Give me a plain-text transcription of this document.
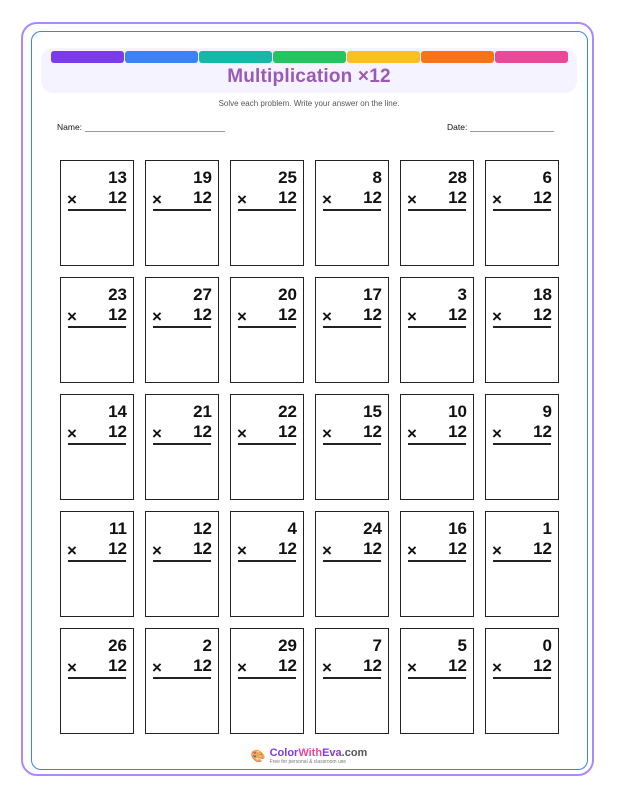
Multiplication ×12
Solve each problem. Write your answer on the line.
Name:	Date:
13
× 12
19
× 12
25
× 12
8
× 12
28
× 12
6
× 12
23
× 12
27
× 12
20
× 12
17
× 12
3
× 12
18
× 12
14
× 12
21
× 12
22
× 12
15
× 12
10
× 12
9
× 12
11
× 12
12
× 12
4
× 12
24
× 12
16
× 12
1
× 12
26
× 12
2
× 12
29
× 12
7
× 12
5
× 12
0
× 12
🎨 ColorWithEva.com
Free for personal & classroom use
